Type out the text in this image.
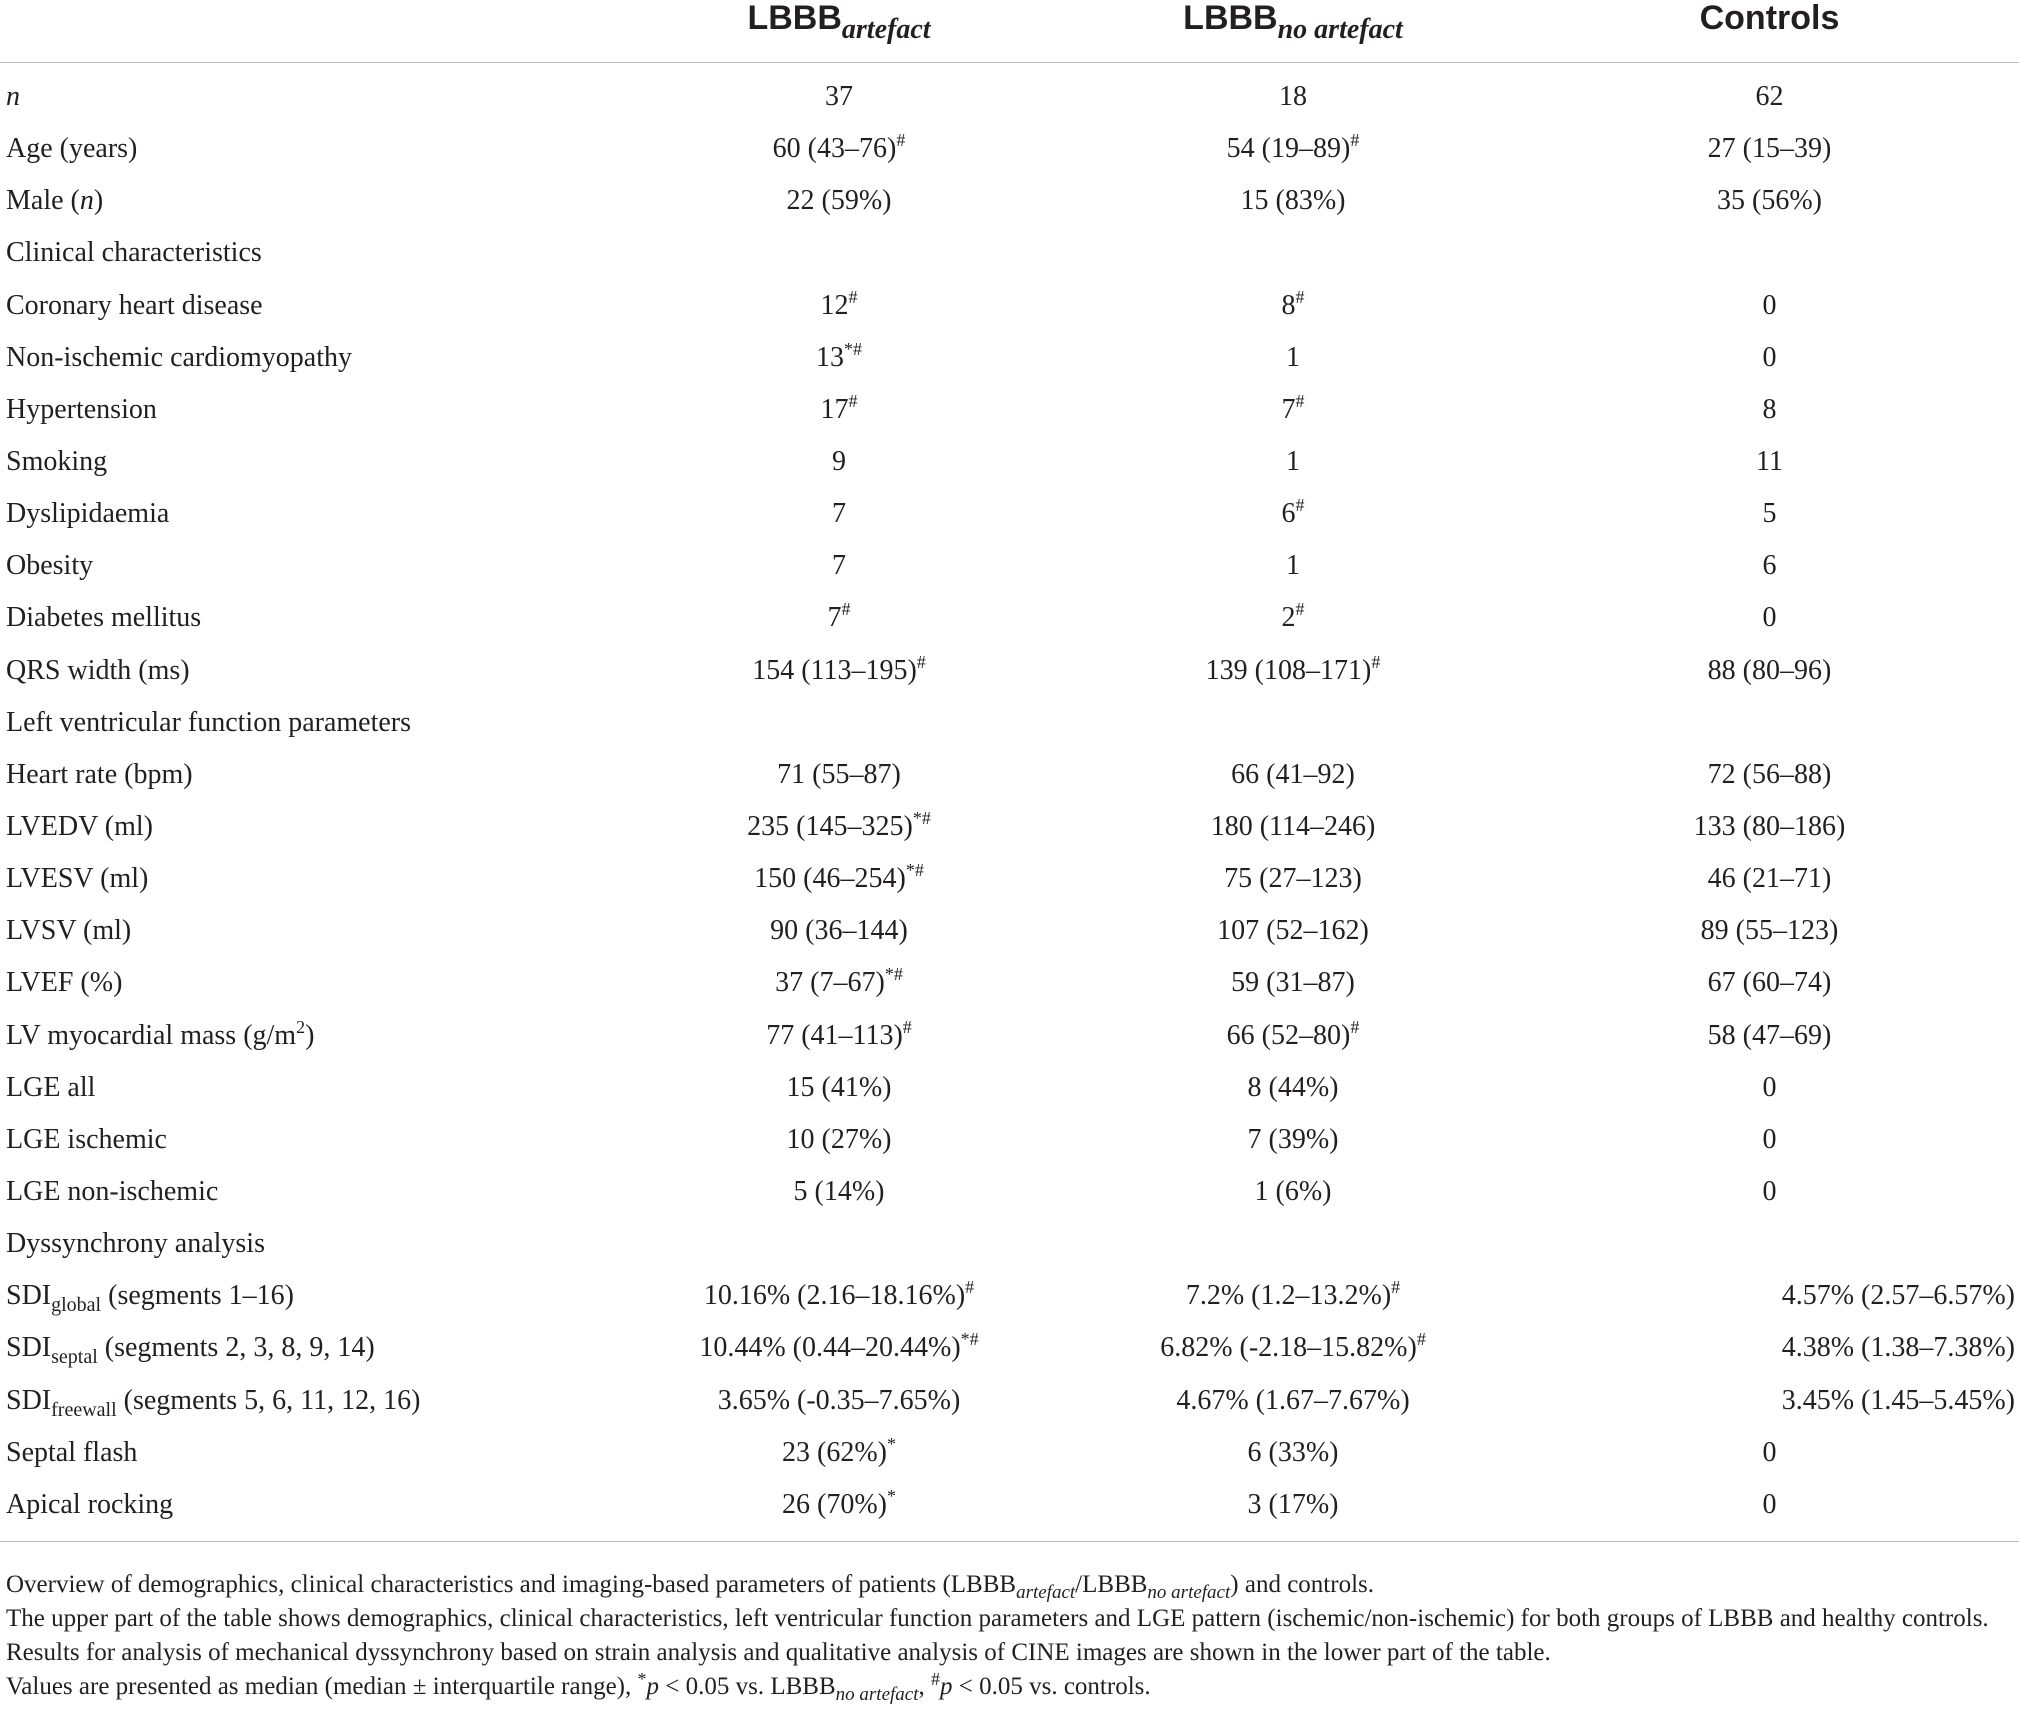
	$LBBB_{artefact}$	$LBBB_{no artefact}$	Controls
n	37	18	62
Age (years)	60 (43–76)#	54 (19–89)#	27 (15–39)
Male (n)	22 (59%)	15 (83%)	35 (56%)
Clinical characteristics			
Coronary heart disease	12#	8#	0
Non-ischemic cardiomyopathy	13*#	1	0
Hypertension	17#	7#	8
Smoking	9	1	11
Dyslipidaemia	7	6#	5
Obesity	7	1	6
Diabetes mellitus	7#	2#	0
QRS width (ms)	154 (113–195)#	139 (108–171)#	88 (80–96)
Left ventricular function parameters			
Heart rate (bpm)	71 (55–87)	66 (41–92)	72 (56–88)
LVEDV (ml)	235 (145–325)*#	180 (114–246)	133 (80–186)
LVESV (ml)	150 (46–254)*#	75 (27–123)	46 (21–71)
LVSV (ml)	90 (36–144)	107 (52–162)	89 (55–123)
LVEF (%)	37 (7–67)*#	59 (31–87)	67 (60–74)
LV myocardial mass $(g/m^2)$	77 (41–113)#	66 (52–80)#	58 (47–69)
LGE all	15 (41%)	8 (44%)	0
LGE ischemic	10 (27%)	7 (39%)	0
LGE non-ischemic	5 (14%)	1 (6%)	0
Dyssynchrony analysis			
$SDI_{global}$ (segments 1–16)	10.16% (2.16–18.16%)#	7.2% (1.2–13.2%)#	4.57% (2.57–6.57%)
$SDI_{septal}$ (segments 2, 3, 8, 9, 14)	10.44% (0.44–20.44%)*#	6.82% (-2.18–15.82%)#	4.38% (1.38–7.38%)
$SDI_{freewall}$ (segments 5, 6, 11, 12, 16)	3.65% (-0.35–7.65%)	4.67% (1.67–7.67%)	3.45% (1.45–5.45%)
Septal flash	23 (62%)*	6 (33%)	0
Apical rocking	26 (70%)*	3 (17%)	0

Overview of demographics, clinical characteristics and imaging-based parameters of patients $(LBBB_{artefact}/LBBB_{no artefact})$ and controls.

The upper part of the table shows demographics, clinical characteristics, left ventricular function parameters and LGE pattern (ischemic/non-ischemic) for both groups of LBBB and healthy controls. Results for analysis of mechanical dyssynchrony based on strain analysis and qualitative analysis of CINE images are shown in the lower part of the table.

Values are presented as median (median ± interquartile range), *p < 0.05 vs. $LBBB_{no artefact}$, #p < 0.05 vs. controls.
